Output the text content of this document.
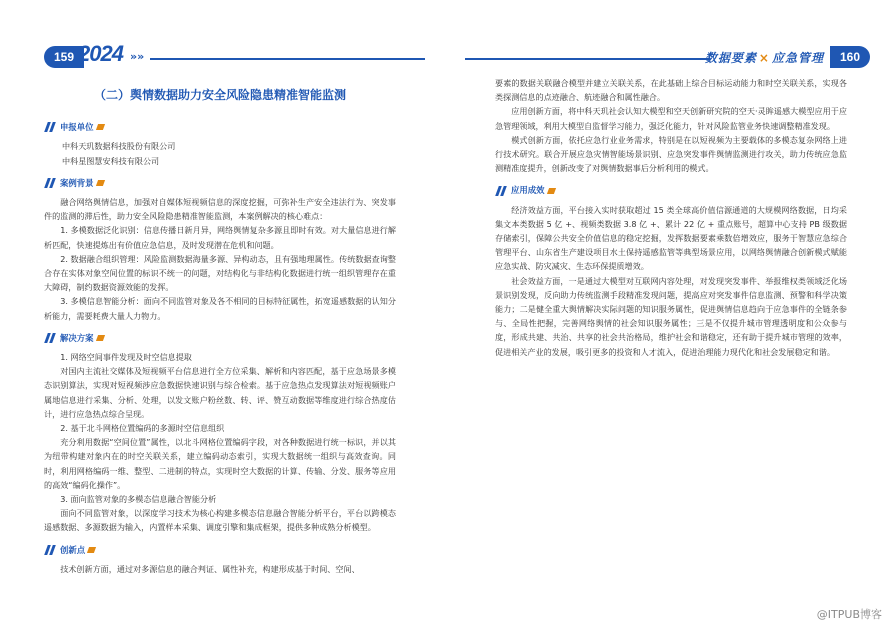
159 2024 »»	数据要素 × 应急管理	160
（二）舆情数据助力安全风险隐患精准智能监测
申报单位
中科天玑数据科技股份有限公司
中科星图慧安科技有限公司
案例背景
融合网络舆情信息，加强对自媒体短视频信息的深度挖掘，可弥补生产安全违法行为、突发事件的监测的滞后性，助力安全风险隐患精准智能监测，本案例解决的核心难点：
1. 多模数据泛化识别：信息传播日新月异，网络舆情复杂多源且即时有效。对大量信息进行解析匹配，快速提炼出有价值应急信息，及时发现潜在危机和问题。
2. 数据融合组织管理：风险监测数据海量多源、异构动态，且有强地理属性。传统数据查询整合存在实体对象空间位置的标识不统一的问题，对结构化与非结构化数据进行统一组织管理存在重大障碍，制约数据资源效能的发挥。
3. 多模信息智能分析：面向不同监管对象及各不相同的目标特征属性，拓宽遥感数据的认知分析能力，需要耗费大量人力物力。
解决方案
1. 网络空间事件发现及时空信息提取
对国内主流社交媒体及短视频平台信息进行全方位采集、解析和内容匹配，基于应急场景多模态识别算法，实现对短视频涉应急数据快速识别与综合检索。基于应急热点发现算法对短视频账户属地信息进行采集、分析、处理，以发文账户粉丝数、转、评、赞互动数据等维度进行综合热度估计，进行应急热点综合呈现。
2. 基于北斗网格位置编码的多源时空信息组织
充分利用数据“空间位置”属性，以北斗网格位置编码字段，对各种数据进行统一标识，并以其为纽带构建对象内在的时空关联关系，建立编码动态索引，实现大数据统一组织与高效查询。同时，利用网格编码一维、整型、二进制的特点，实现时空大数据的计算、传输、分发、服务等应用的高效“编码化操作”。
3. 面向监管对象的多模态信息融合智能分析
面向不同监管对象，以深度学习技术为核心构建多模态信息融合智能分析平台，平台以跨模态遥感数据、多源数据为输入，内置样本采集、调度引擎和集成框架，提供多种成熟分析模型。
创新点
技术创新方面，通过对多源信息的融合判证、属性补充，构建形成基于时间、空间、
要素的数据关联融合模型并建立关联关系，在此基础上综合目标运动能力和时空关联关系，实现各类探测信息的点迹融合、航迹融合和属性融合。
应用创新方面，将中科天玑社会认知大模型和空天创新研究院的空天·灵眸遥感大模型应用于应急管理领域，利用大模型自监督学习能力，强泛化能力，针对风险监管业务快速调整精准发现。
模式创新方面，依托应急行业业务需求，特别是在以短视频为主要载体的多模态复杂网络上进行技术研究。联合开展应急灾情智能场景识别、应急突发事件舆情监测进行攻关，助力传统应急监测精准度提升，创新改变了对舆情数据事后分析利用的模式。
应用成效
经济效益方面，平台接入实时获取超过 15 类全球高价值信源通道的大规模网络数据，日均采集文本类数据 5 亿 +、视频类数据 3.8 亿 +、累计 22 亿 + 重点账号，超算中心支持 PB 级数据存储索引，保障公共安全价值信息的稳定挖掘，发挥数据要素乘数倍增效应，服务于智慧应急综合管理平台、山东省生产建设项目水土保持遥感监管等典型场景应用，以网络舆情融合创新模式赋能应急实战、防灾减灾、生态环保提质增效。
社会效益方面，一是通过大模型对互联网内容处理，对发现突发事件、举报维权类领域泛化场景识别发现，反向助力传统监测手段精准发现问题，提高应对突发事件信息监测、预警和科学决策能力；二是健全重大舆情解决实际问题的知识服务属性，促进舆情信息趋向于应急事件的全链条参与、全局性把握，完善网络舆情的社会知识服务属性；三是不仅提升城市管理透明度和公众参与度，形成共建、共治、共享的社会共治格局，维护社会和谐稳定，还有助于提升城市管理的效率，促进相关产业的发展，吸引更多的投资和人才流入，促进治理能力现代化和社会发展稳定和谐。
@ITPUB博客
